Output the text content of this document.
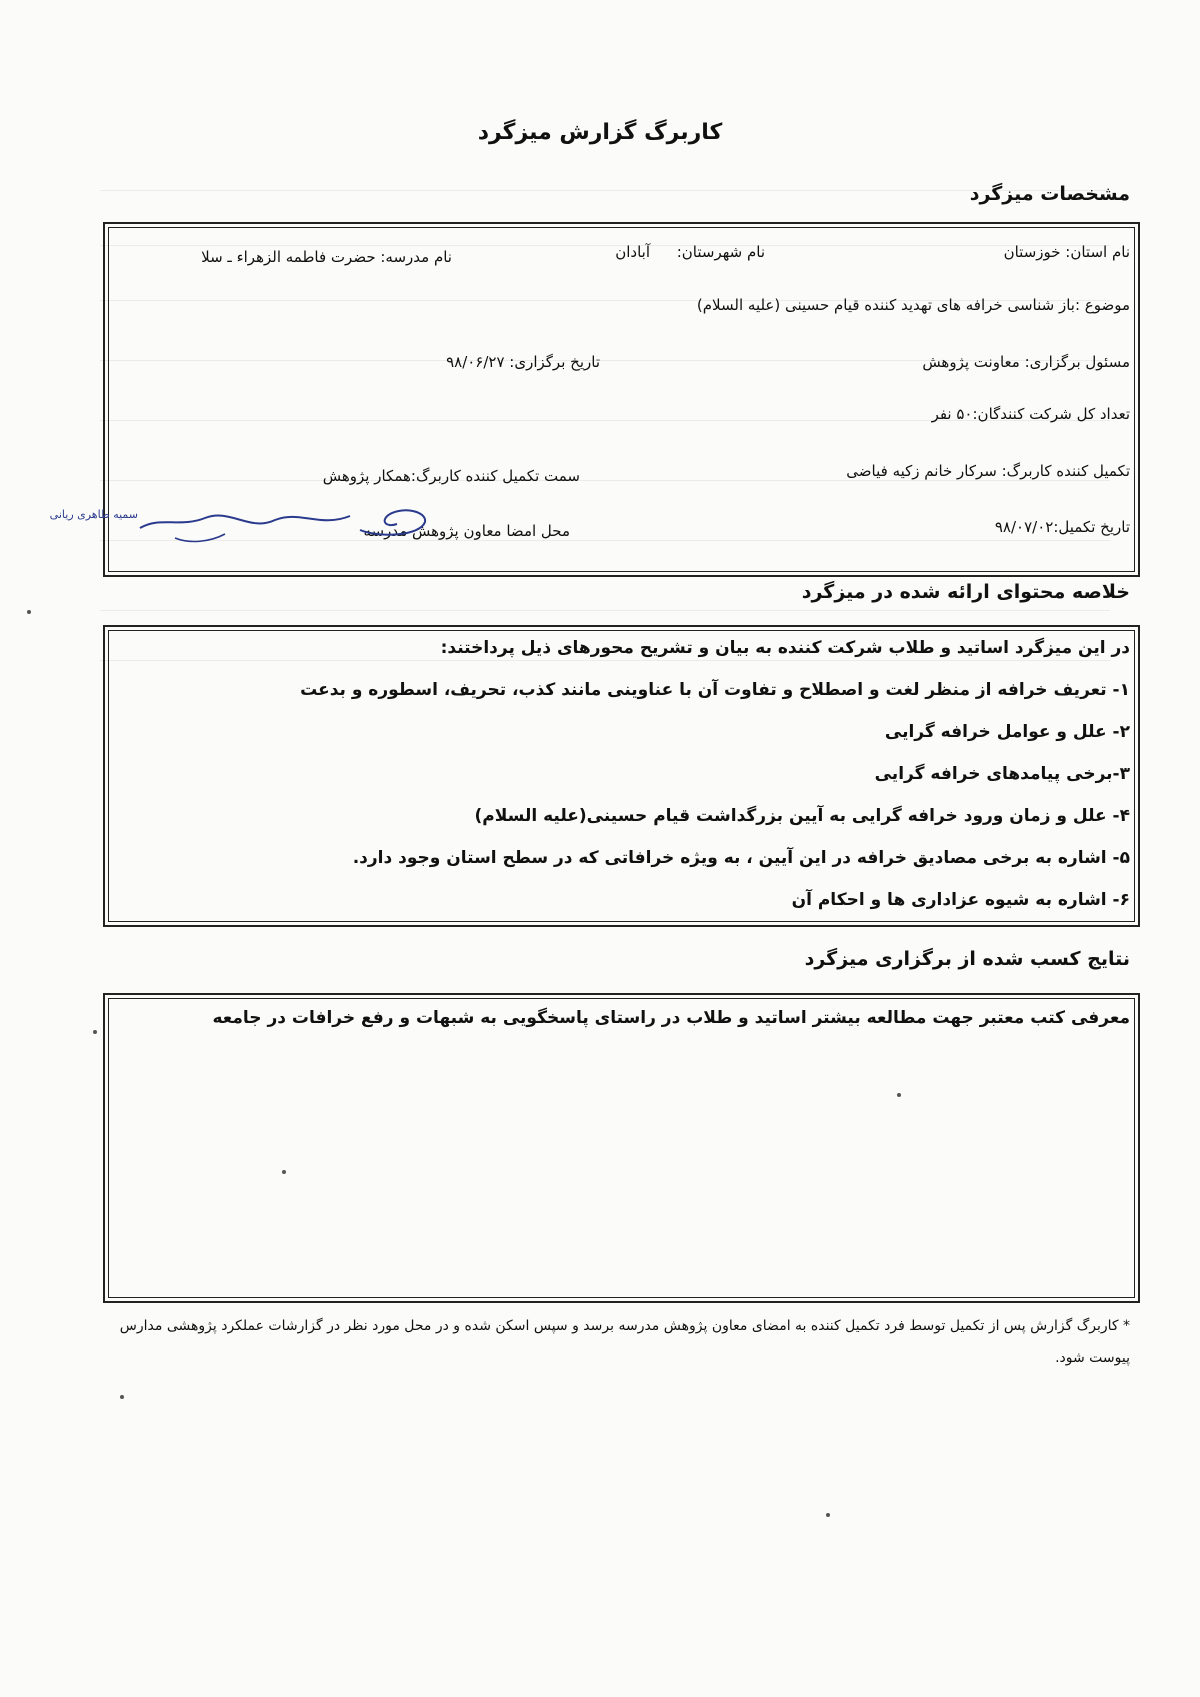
کاربرگ گزارش میزگرد
مشخصات میزگرد
نام استان: خوزستان
نام شهرستان:
آبادان
نام مدرسه: حضرت فاطمه الزهراء ـ سلا
موضوع :باز شناسی خرافه های تهدید کننده قیام حسینی (علیه السلام)
مسئول برگزاری: معاونت پژوهش
تاریخ برگزاری: ۹۸/۰۶/۲۷
تعداد کل شرکت کنندگان:۵۰ نفر
تکمیل کننده کاربرگ: سرکار خانم زکیه فیاضی
سمت تکمیل کننده کاربرگ:همکار پژوهش
تاریخ تکمیل:۹۸/۰۷/۰۲
محل امضا معاون پژوهش مدرسه
سمیه طاهری ریانی
خلاصه محتوای ارائه شده در میزگرد
در این میزگرد اساتید و طلاب شرکت کننده به بیان و تشریح محورهای ذیل پرداختند:
۱- تعریف خرافه از منظر لغت و اصطلاح و تفاوت آن با عناوینی مانند کذب، تحریف، اسطوره و بدعت
۲- علل و عوامل خرافه گرایی
۳-برخی پیامدهای خرافه گرایی
۴- علل و زمان ورود خرافه گرایی به آیین بزرگداشت قیام حسینی(علیه السلام)
۵- اشاره به برخی مصادیق خرافه در این آیین ، به ویژه خرافاتی که در سطح استان وجود دارد.
۶- اشاره به شیوه عزاداری ها و احکام آن
نتایج کسب شده از برگزاری میزگرد
معرفی کتب معتبر جهت مطالعه بیشتر اساتید و طلاب در راستای پاسخگویی به شبهات و رفع خرافات در جامعه
* کاربرگ گزارش پس از تکمیل توسط فرد تکمیل کننده به امضای معاون پژوهش مدرسه برسد و سپس اسکن شده و در محل مورد نظر در گزارشات عملکرد پژوهشی مدارس پیوست شود.
